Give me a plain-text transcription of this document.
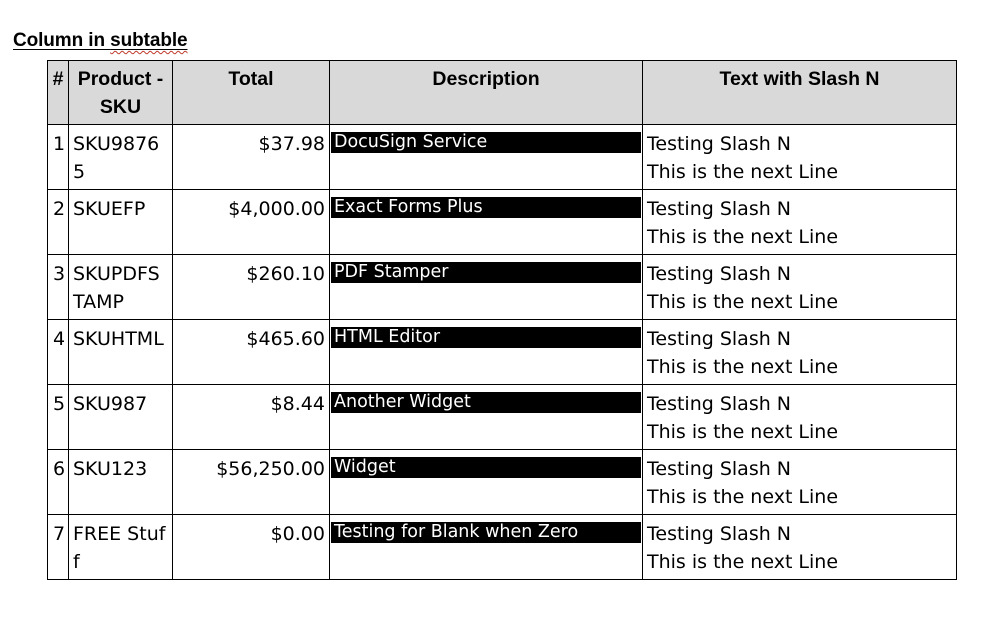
Column in subtable
#	Product - SKU	Total	Description	Text with Slash N
1	SKU98765	$37.98	DocuSign Service	Testing Slash N
This is the next Line

2	SKUEFP	$4,000.00	Exact Forms Plus	Testing Slash N
This is the next Line

3	SKUPDFSTAMP	$260.10	PDF Stamper	Testing Slash N
This is the next Line

4	SKUHTML	$465.60	HTML Editor	Testing Slash N
This is the next Line

5	SKU987	$8.44	Another Widget	Testing Slash N
This is the next Line

6	SKU123	$56,250.00	Widget	Testing Slash N
This is the next Line

7	FREE Stuff	$0.00	Testing for Blank when Zero	Testing Slash N
This is the next Line
